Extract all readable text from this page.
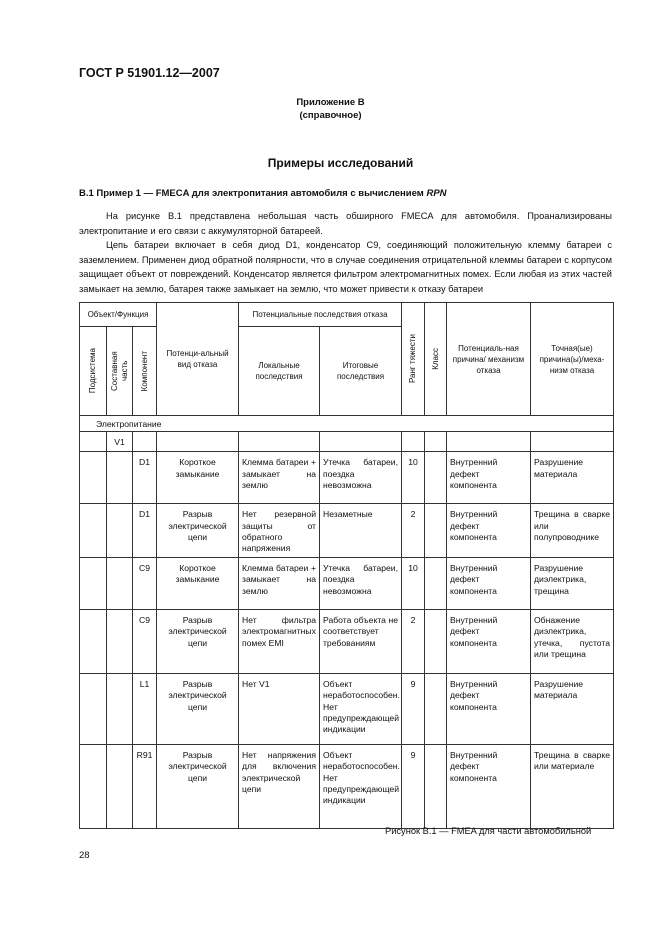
ГОСТ Р 51901.12—2007
Приложение В
(справочное)
Примеры исследований
В.1 Пример 1 — FMECA для электропитания автомобиля с вычислением RPN
На рисунке В.1 представлена небольшая часть обширного FMECA для автомобиля. Проанализированы электропитание и его связи с аккумуляторной батареей.
Цепь батареи включает в себя диод D1, конденсатор C9, соединяющий положительную клемму батареи с заземлением. Применен диод обратной полярности, что в случае соединения отрицательной клеммы батареи с корпусом защищает объект от повреждений. Конденсатор является фильтром электромагнитных помех. Если любая из этих частей замыкает на землю, батарея также замыкает на землю, что может привести к отказу батареи
Объект/Функция			Потенци-альный вид отказа	Потенциальные последствия отказа		Ранг тяжести	Класс	Потенциаль-ная причина/ механизм отказа	Точная(ые) причина(ы)/меха-низм отказа

Подсистема	Составная часть	Компонент		Локальные последствия	Итоговые последствия				
Электропитание									
	V1								
		D1	Короткое замыкание	Клемма батареи + замыкает на землю	Утечка батареи, поездка невозможна	10		Внутренний дефект компонента	Разрушение материала
		D1	Разрыв электрической цепи	Нет резервной защиты от обратного напряжения	Незаметные	2		Внутренний дефект компонента	Трещина в сварке или полупроводнике
		C9	Короткое замыкание	Клемма батареи + замыкает на землю	Утечка батареи, поездка невозможна	10		Внутренний дефект компонента	Разрушение диэлектрика, трещина
		C9	Разрыв электрической цепи	Нет фильтра электромагнитных помех EMI	Работа объекта не соответствует требованиям	2		Внутренний дефект компонента	Обнажение диэлектрика, утечка, пустота или трещина
		L1	Разрыв электрической цепи	Нет V1	Объект неработоспособен. Нет предупреждающей индикации	9		Внутренний дефект компонента	Разрушение материала
		R91	Разрыв электрической цепи	Нет напряжения для включения электрической цепи	Объект неработоспособен. Нет предупреждающей индикации	9		Внутренний дефект компонента	Трещина в сварке или материале
Рисунок В.1 — FMEA для части автомобильной
28
